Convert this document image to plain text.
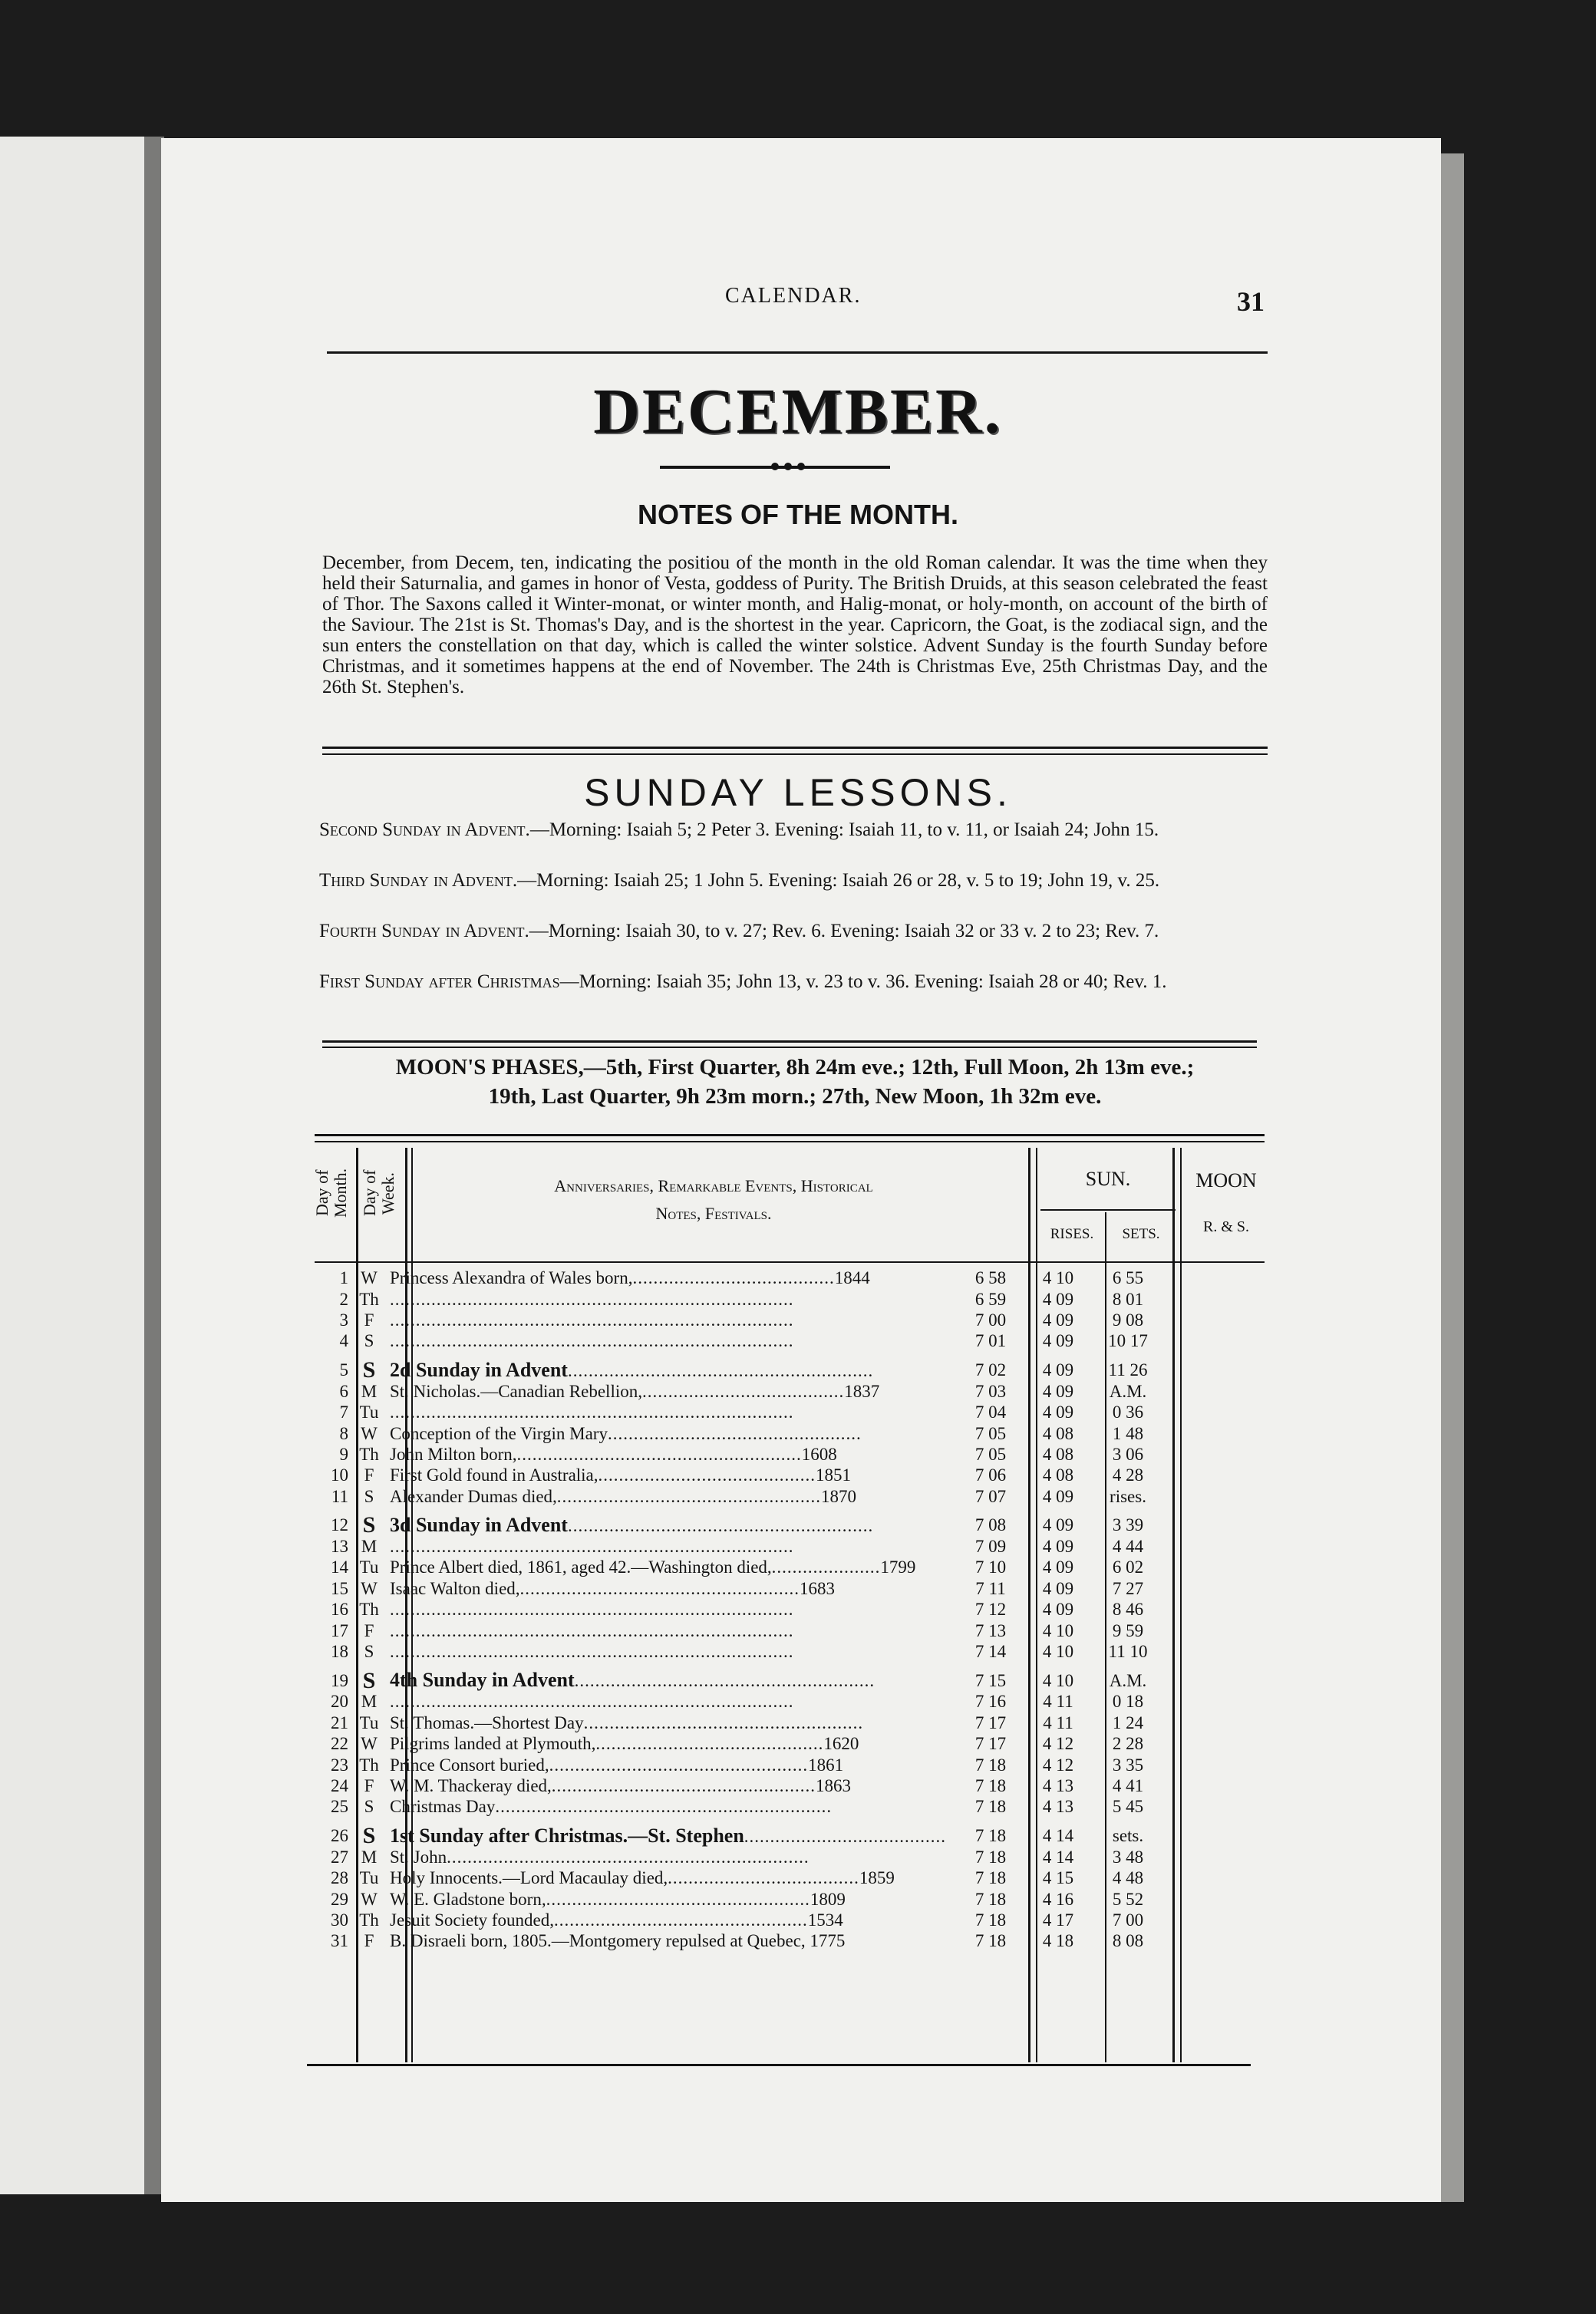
CALENDAR.	31
DECEMBER.
NOTES OF THE MONTH.
December, from Decem, ten, indicating the positiou of the month in the old Roman calendar. It was the time when they held their Saturnalia, and games in honor of Vesta, goddess of Purity. The British Druids, at this season celebrated the feast of Thor. The Saxons called it Winter-monat, or winter month, and Halig-monat, or holy-month, on account of the birth of the Saviour. The 21st is St. Thomas's Day, and is the shortest in the year. Capricorn, the Goat, is the zodiacal sign, and the sun enters the constellation on that day, which is called the winter solstice. Advent Sunday is the fourth Sunday before Christmas, and it sometimes happens at the end of November. The 24th is Christmas Eve, 25th Christmas Day, and the 26th St. Stephen's.
SUNDAY LESSONS.
Second Sunday in Advent.—Morning: Isaiah 5; 2 Peter 3. Evening: Isaiah 11, to v. 11, or Isaiah 24; John 15.
Third Sunday in Advent.—Morning: Isaiah 25; 1 John 5. Evening: Isaiah 26 or 28, v. 5 to 19; John 19, v. 25.
Fourth Sunday in Advent.—Morning: Isaiah 30, to v. 27; Rev. 6. Evening: Isaiah 32 or 33 v. 2 to 23; Rev. 7.
First Sunday after Christmas—Morning: Isaiah 35; John 13, v. 23 to v. 36. Evening: Isaiah 28 or 40; Rev. 1.
MOON'S PHASES,—5th, First Quarter, 8h 24m eve.; 12th, Full Moon, 2h 13m eve.;
19th, Last Quarter, 9h 23m morn.; 27th, New Moon, 1h 32m eve.
Day of Month. Day of Week.	Anniversaries, Remarkable Events, Historical
Notes, Festivals.
SUN.
RISES.	SETS.
MOON
R. & S.
1	W	Princess Alexandra of Wales born,.......................................1844	6 58	4 10	6 55
2	Th	..............................................................................	6 59	4 09	8 01
3	F	..............................................................................	7 00	4 09	9 08
4	S	..............................................................................	7 01	4 09	10 17
5	S	2d Sunday in Advent...........................................................	7 02	4 09	11 26
6	M	St. Nicholas.—Canadian Rebellion,.......................................1837	7 03	4 09	A.M.
7	Tu	..............................................................................	7 04	4 09	0 36
8	W	Conception of the Virgin Mary.................................................	7 05	4 08	1 48
9	Th	John Milton born,.......................................................1608	7 05	4 08	3 06
10	F	First Gold found in Australia,..........................................1851	7 06	4 08	4 28
11	S	Alexander Dumas died,...................................................1870	7 07	4 09	rises.
12	S	3d Sunday in Advent...........................................................	7 08	4 09	3 39
13	M	..............................................................................	7 09	4 09	4 44
14	Tu	Prince Albert died, 1861, aged 42.—Washington died,.....................1799	7 10	4 09	6 02
15	W	Isaac Walton died,......................................................1683	7 11	4 09	7 27
16	Th	..............................................................................	7 12	4 09	8 46
17	F	..............................................................................	7 13	4 10	9 59
18	S	..............................................................................	7 14	4 10	11 10
19	S	4th Sunday in Advent..........................................................	7 15	4 10	A.M.
20	M	..............................................................................	7 16	4 11	0 18
21	Tu	St. Thomas.—Shortest Day......................................................	7 17	4 11	1 24
22	W	Pilgrims landed at Plymouth,............................................1620	7 17	4 12	2 28
23	Th	Prince Consort buried,..................................................1861	7 18	4 12	3 35
24	F	W. M. Thackeray died,...................................................1863	7 18	4 13	4 41
25	S	Christmas Day.................................................................	7 18	4 13	5 45
26	S	1st Sunday after Christmas.—St. Stephen.......................................	7 18	4 14	sets.
27	M	St. John......................................................................	7 18	4 14	3 48
28	Tu	Holy Innocents.—Lord Macaulay died,.....................................1859	7 18	4 15	4 48
29	W	W. E. Gladstone born,...................................................1809	7 18	4 16	5 52
30	Th	Jesuit Society founded,.................................................1534	7 18	4 17	7 00
31	F	B. Disraeli born, 1805.—Montgomery repulsed at Quebec, 1775	7 18	4 18	8 08
